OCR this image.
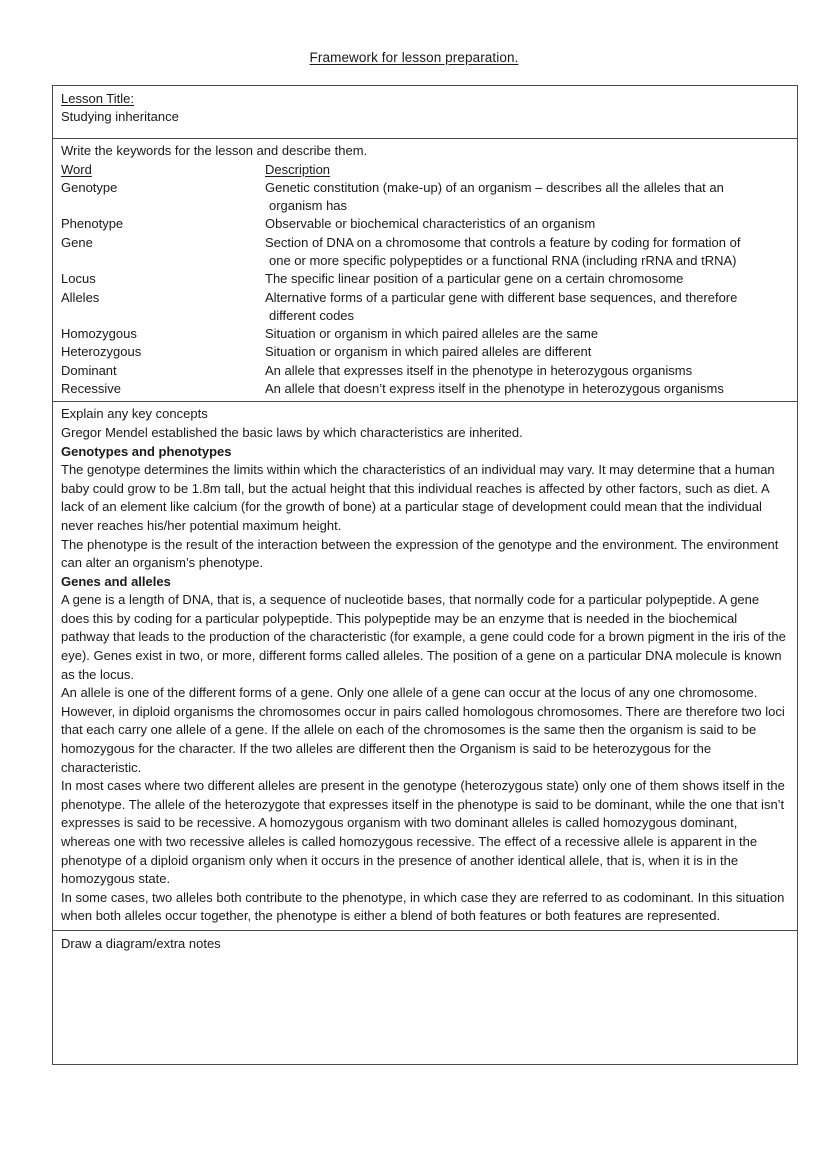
Framework for lesson preparation.
Lesson Title:
Studying inheritance
Write the keywords for the lesson and describe them.
Word	Description
Genotype	Genetic constitution (make-up) of an organism – describes all the alleles that an
organism has

Phenotype	Observable or biochemical characteristics of an organism
Gene	Section of DNA on a chromosome that controls a feature by coding for formation of
one or more specific polypeptides or a functional RNA (including rRNA and tRNA)

Locus	The specific linear position of a particular gene on a certain chromosome
Alleles	Alternative forms of a particular gene with different base sequences, and therefore
different codes

Homozygous	Situation or organism in which paired alleles are the same
Heterozygous	Situation or organism in which paired alleles are different
Dominant	An allele that expresses itself in the phenotype in heterozygous organisms
Recessive	An allele that doesn’t express itself in the phenotype in heterozygous organisms

Explain any key concepts

Gregor Mendel established the basic laws by which characteristics are inherited.

Genotypes and phenotypes

The genotype determines the limits within which the characteristics of an individual may vary. It may determine that a human baby could grow to be 1.8m tall, but the actual height that this individual reaches is affected by other factors, such as diet. A lack of an element like calcium (for the growth of bone) at a particular stage of development could mean that the individual never reaches his/her potential maximum height.

The phenotype is the result of the interaction between the expression of the genotype and the environment. The environment can alter an organism’s phenotype.

Genes and alleles

A gene is a length of DNA, that is, a sequence of nucleotide bases, that normally code for a particular polypeptide. A gene does this by coding for a particular polypeptide. This polypeptide may be an enzyme that is needed in the biochemical pathway that leads to the production of the characteristic (for example, a gene could code for a brown pigment in the iris of the eye). Genes exist in two, or more, different forms called alleles. The position of a gene on a particular DNA molecule is known as the locus.

An allele is one of the different forms of a gene. Only one allele of a gene can occur at the locus of any one chromosome. However, in diploid organisms the chromosomes occur in pairs called homologous chromosomes. There are therefore two loci that each carry one allele of a gene. If the allele on each of the chromosomes is the same then the organism is said to be homozygous for the character. If the two alleles are different then the Organism is said to be heterozygous for the characteristic.

In most cases where two different alleles are present in the genotype (heterozygous state) only one of them shows itself in the phenotype. The allele of the heterozygote that expresses itself in the phenotype is said to be dominant, while the one that isn’t expresses is said to be recessive. A homozygous organism with two dominant alleles is called homozygous dominant, whereas one with two recessive alleles is called homozygous recessive. The effect of a recessive allele is apparent in the phenotype of a diploid organism only when it occurs in the presence of another identical allele, that is, when it is in the homozygous state.

In some cases, two alleles both contribute to the phenotype, in which case they are referred to as codominant. In this situation when both alleles occur together, the phenotype is either a blend of both features or both features are represented.

Draw a diagram/extra notes
